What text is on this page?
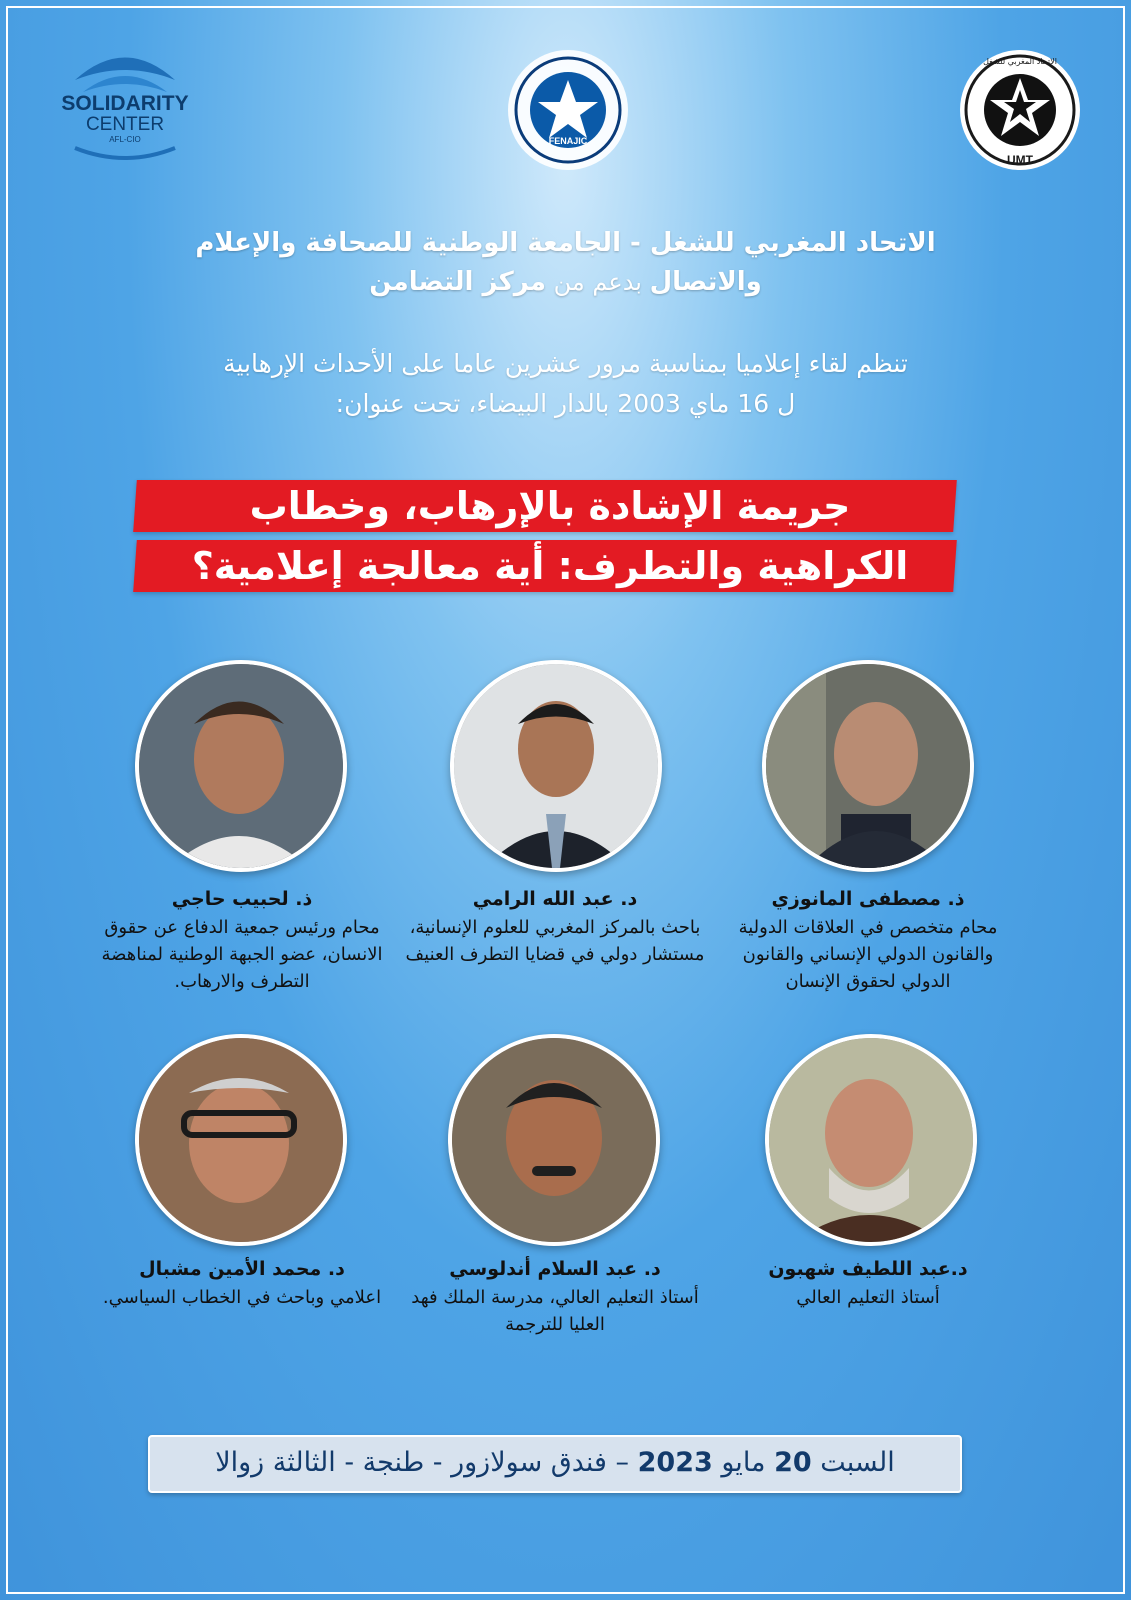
SOLIDARITY
CENTER
AFL-CIO	FENAJIC
الاتحاد المغربي للشغل
UMT
الاتحاد المغربي للشغل - الجامعة الوطنية للصحافة والإعلام
والاتصال بدعم من مركز التضامن
تنظم لقاء إعلاميا بمناسبة مرور عشرين عاما على الأحداث الإرهابية
ل 16 ماي 2003 بالدار البيضاء، تحت عنوان:
جريمة الإشادة بالإرهاب، وخطاب
الكراهية والتطرف: أية معالجة إعلامية؟
ذ. مصطفى المانوزي
محام متخصص في العلاقات الدولية والقانون الدولي الإنساني والقانون الدولي لحقوق الإنسان
د. عبد الله الرامي
باحث بالمركز المغربي للعلوم الإنسانية، مستشار دولي في قضايا التطرف العنيف
ذ. لحبيب حاجي
محام ورئيس جمعية الدفاع عن حقوق الانسان، عضو الجبهة الوطنية لمناهضة التطرف والارهاب.
د.عبد اللطيف شهبون
أستاذ التعليم العالي
د. عبد السلام أندلوسي
أستاذ التعليم العالي، مدرسة الملك فهد العليا للترجمة
د. محمد الأمين مشبال
اعلامي وباحث في الخطاب السياسي.
السبت 20 مايو 2023 – فندق سولازور - طنجة - الثالثة زوالا
